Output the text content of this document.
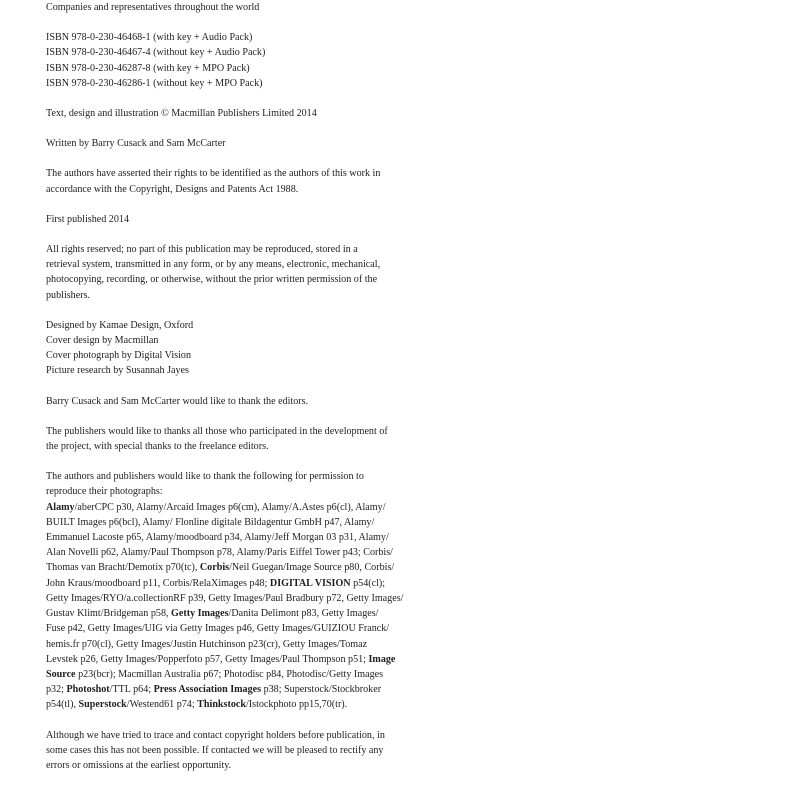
Companies and representatives throughout the world

ISBN 978-0-230-46468-1 (with key + Audio Pack)

ISBN 978-0-230-46467-4 (without key + Audio Pack)

ISBN 978-0-230-46287-8 (with key + MPO Pack)

ISBN 978-0-230-46286-1 (without key + MPO Pack)

Text, design and illustration © Macmillan Publishers Limited 2014

Written by Barry Cusack and Sam McCarter

The authors have asserted their rights to be identified as the authors of this work in
accordance with the Copyright, Designs and Patents Act 1988.

First published 2014

All rights reserved; no part of this publication may be reproduced, stored in a
retrieval system, transmitted in any form, or by any means, electronic, mechanical,
photocopying, recording, or otherwise, without the prior written permission of the
publishers.

Designed by Kamae Design, Oxford

Cover design by Macmillan

Cover photograph by Digital Vision

Picture research by Susannah Jayes

Barry Cusack and Sam McCarter would like to thank the editors.

The publishers would like to thanks all those who participated in the development of
the project, with special thanks to the freelance editors.

The authors and publishers would like to thank the following for permission to
reproduce their photographs:

Alamy/aberCPC p30, Alamy/Arcaid Images p6(cm), Alamy/A.Astes p6(cl), Alamy/
BUILT Images p6(bcl), Alamy/ Flonline digitale Bildagentur GmbH p47, Alamy/
Emmanuel Lacoste p65, Alamy/moodboard p34, Alamy/Jeff Morgan 03 p31, Alamy/
Alan Novelli p62, Alamy/Paul Thompson p78, Alamy/Paris Eiffel Tower p43; Corbis/
Thomas van Bracht/Demotix p70(tc), Corbis/Neil Guegan/Image Source p80, Corbis/
John Kraus/moodboard p11, Corbis/RelaXimages p48; DIGITAL VISION p54(cl);
Getty Images/RYO/a.collectionRF p39, Getty Images/Paul Bradbury p72, Getty Images/
Gustav Klimt/Bridgeman p58, Getty Images/Danita Delimont p83, Getty Images/
Fuse p42, Getty Images/UIG via Getty Images p46, Getty Images/GUIZIOU Franck/
hemis.fr p70(cl), Getty Images/Justin Hutchinson p23(cr), Getty Images/Tomaz
Levstek p26, Getty Images/Popperfoto p57, Getty Images/Paul Thompson p51; Image
Source p23(bcr); Macmillan Australia p67; Photodisc p84, Photodisc/Getty Images
p32; Photoshot/TTL p64; Press Association Images p38; Superstock/Stockbroker
p54(tl), Superstock/Westend61 p74; Thinkstock/Istockphoto pp15,70(tr).

Although we have tried to trace and contact copyright holders before publication, in
some cases this has not been possible. If contacted we will be pleased to rectify any
errors or omissions at the earliest opportunity.
